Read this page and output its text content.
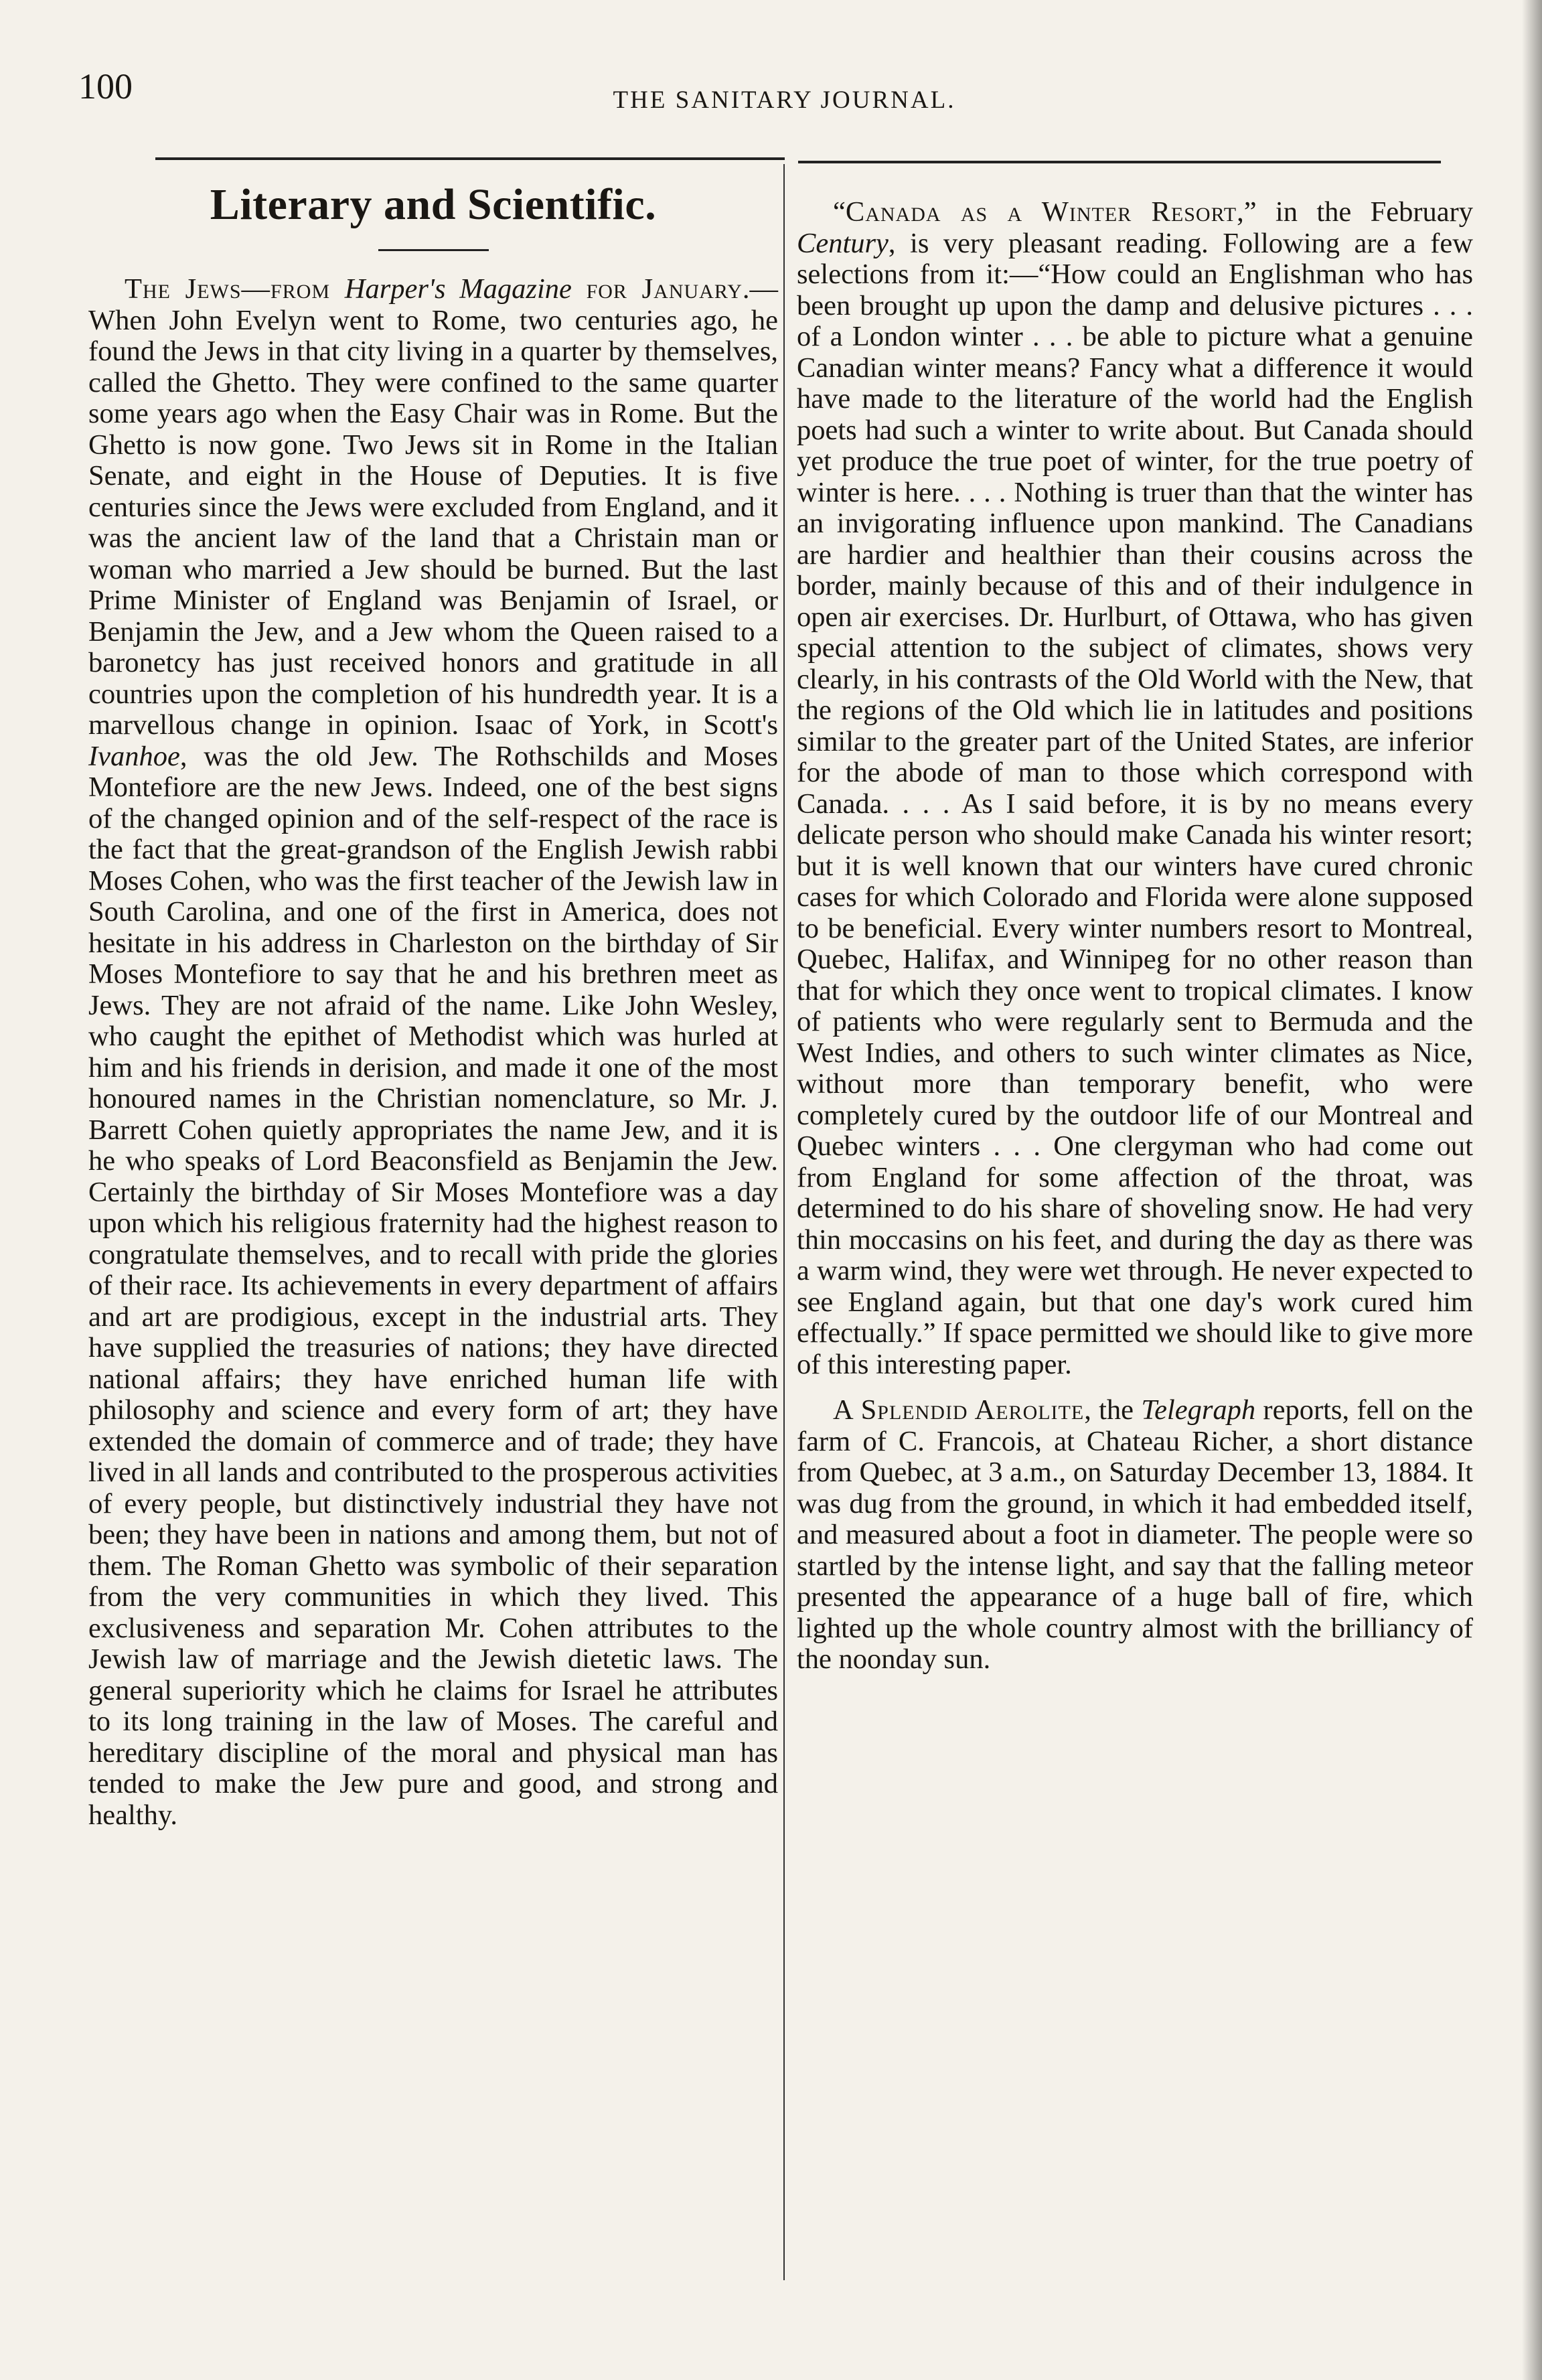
100	THE SANITARY JOURNAL.
Literary and Scientific.

The Jews—from Harper's Magazine for January.—When John Evelyn went to Rome, two centuries ago, he found the Jews in that city living in a quarter by themselves, called the Ghetto. They were confined to the same quarter some years ago when the Easy Chair was in Rome. But the Ghetto is now gone. Two Jews sit in Rome in the Italian Senate, and eight in the House of Deputies. It is five centuries since the Jews were excluded from England, and it was the ancient law of the land that a Christain man or woman who married a Jew should be burned. But the last Prime Minister of England was Benjamin of Israel, or Benjamin the Jew, and a Jew whom the Queen raised to a baronetcy has just received honors and gratitude in all countries upon the completion of his hundredth year. It is a marvellous change in opinion. Isaac of York, in Scott's Ivanhoe, was the old Jew. The Rothschilds and Moses Montefiore are the new Jews. Indeed, one of the best signs of the changed opinion and of the self-respect of the race is the fact that the great-grandson of the English Jewish rabbi Moses Cohen, who was the first teacher of the Jewish law in South Carolina, and one of the first in America, does not hesitate in his address in Charleston on the birthday of Sir Moses Montefiore to say that he and his brethren meet as Jews. They are not afraid of the name. Like John Wesley, who caught the epithet of Methodist which was hurled at him and his friends in derision, and made it one of the most honoured names in the Christian nomenclature, so Mr. J. Barrett Cohen quietly appropriates the name Jew, and it is he who speaks of Lord Beaconsfield as Benjamin the Jew. Certainly the birthday of Sir Moses Montefiore was a day upon which his religious fraternity had the highest reason to congratulate themselves, and to recall with pride the glories of their race. Its achievements in every department of affairs and art are prodigious, except in the industrial arts. They have supplied the treasuries of nations; they have directed national affairs; they have enriched human life with philosophy and science and every form of art; they have extended the domain of commerce and of trade; they have lived in all lands and contributed to the prosperous activities of every people, but distinctively industrial they have not been; they have been in nations and among them, but not of them. The Roman Ghetto was symbolic of their separation from the very communities in which they lived. This exclusiveness and separation Mr. Cohen attributes to the Jewish law of marriage and the Jewish dietetic laws. The general superiority which he claims for Israel he attributes to its long training in the law of Moses. The careful and hereditary discipline of the moral and physical man has tended to make the Jew pure and good, and strong and healthy.

“Canada as a Winter Resort,” in the February Century, is very pleasant reading. Following are a few selections from it:—“How could an Englishman who has been brought up upon the damp and delusive pictures . . . of a London winter . . . be able to picture what a genuine Canadian winter means? Fancy what a difference it would have made to the literature of the world had the English poets had such a winter to write about. But Canada should yet produce the true poet of winter, for the true poetry of winter is here. . . . Nothing is truer than that the winter has an invigorating influence upon mankind. The Canadians are hardier and healthier than their cousins across the border, mainly because of this and of their indulgence in open air exercises. Dr. Hurlburt, of Ottawa, who has given special attention to the subject of climates, shows very clearly, in his contrasts of the Old World with the New, that the regions of the Old which lie in latitudes and positions similar to the greater part of the United States, are inferior for the abode of man to those which correspond with Canada. . . . As I said before, it is by no means every delicate person who should make Canada his winter resort; but it is well known that our winters have cured chronic cases for which Colorado and Florida were alone supposed to be beneficial. Every winter numbers resort to Montreal, Quebec, Halifax, and Winnipeg for no other reason than that for which they once went to tropical climates. I know of patients who were regularly sent to Bermuda and the West Indies, and others to such winter climates as Nice, without more than temporary benefit, who were completely cured by the outdoor life of our Montreal and Quebec winters . . . One clergyman who had come out from England for some affection of the throat, was determined to do his share of shoveling snow. He had very thin moccasins on his feet, and during the day as there was a warm wind, they were wet through. He never expected to see England again, but that one day's work cured him effectually.” If space permitted we should like to give more of this interesting paper.

A Splendid Aerolite, the Telegraph reports, fell on the farm of C. Francois, at Chateau Richer, a short distance from Quebec, at 3 a.m., on Saturday December 13, 1884. It was dug from the ground, in which it had embedded itself, and measured about a foot in diameter. The people were so startled by the intense light, and say that the falling meteor presented the appearance of a huge ball of fire, which lighted up the whole country almost with the brilliancy of the noonday sun.
